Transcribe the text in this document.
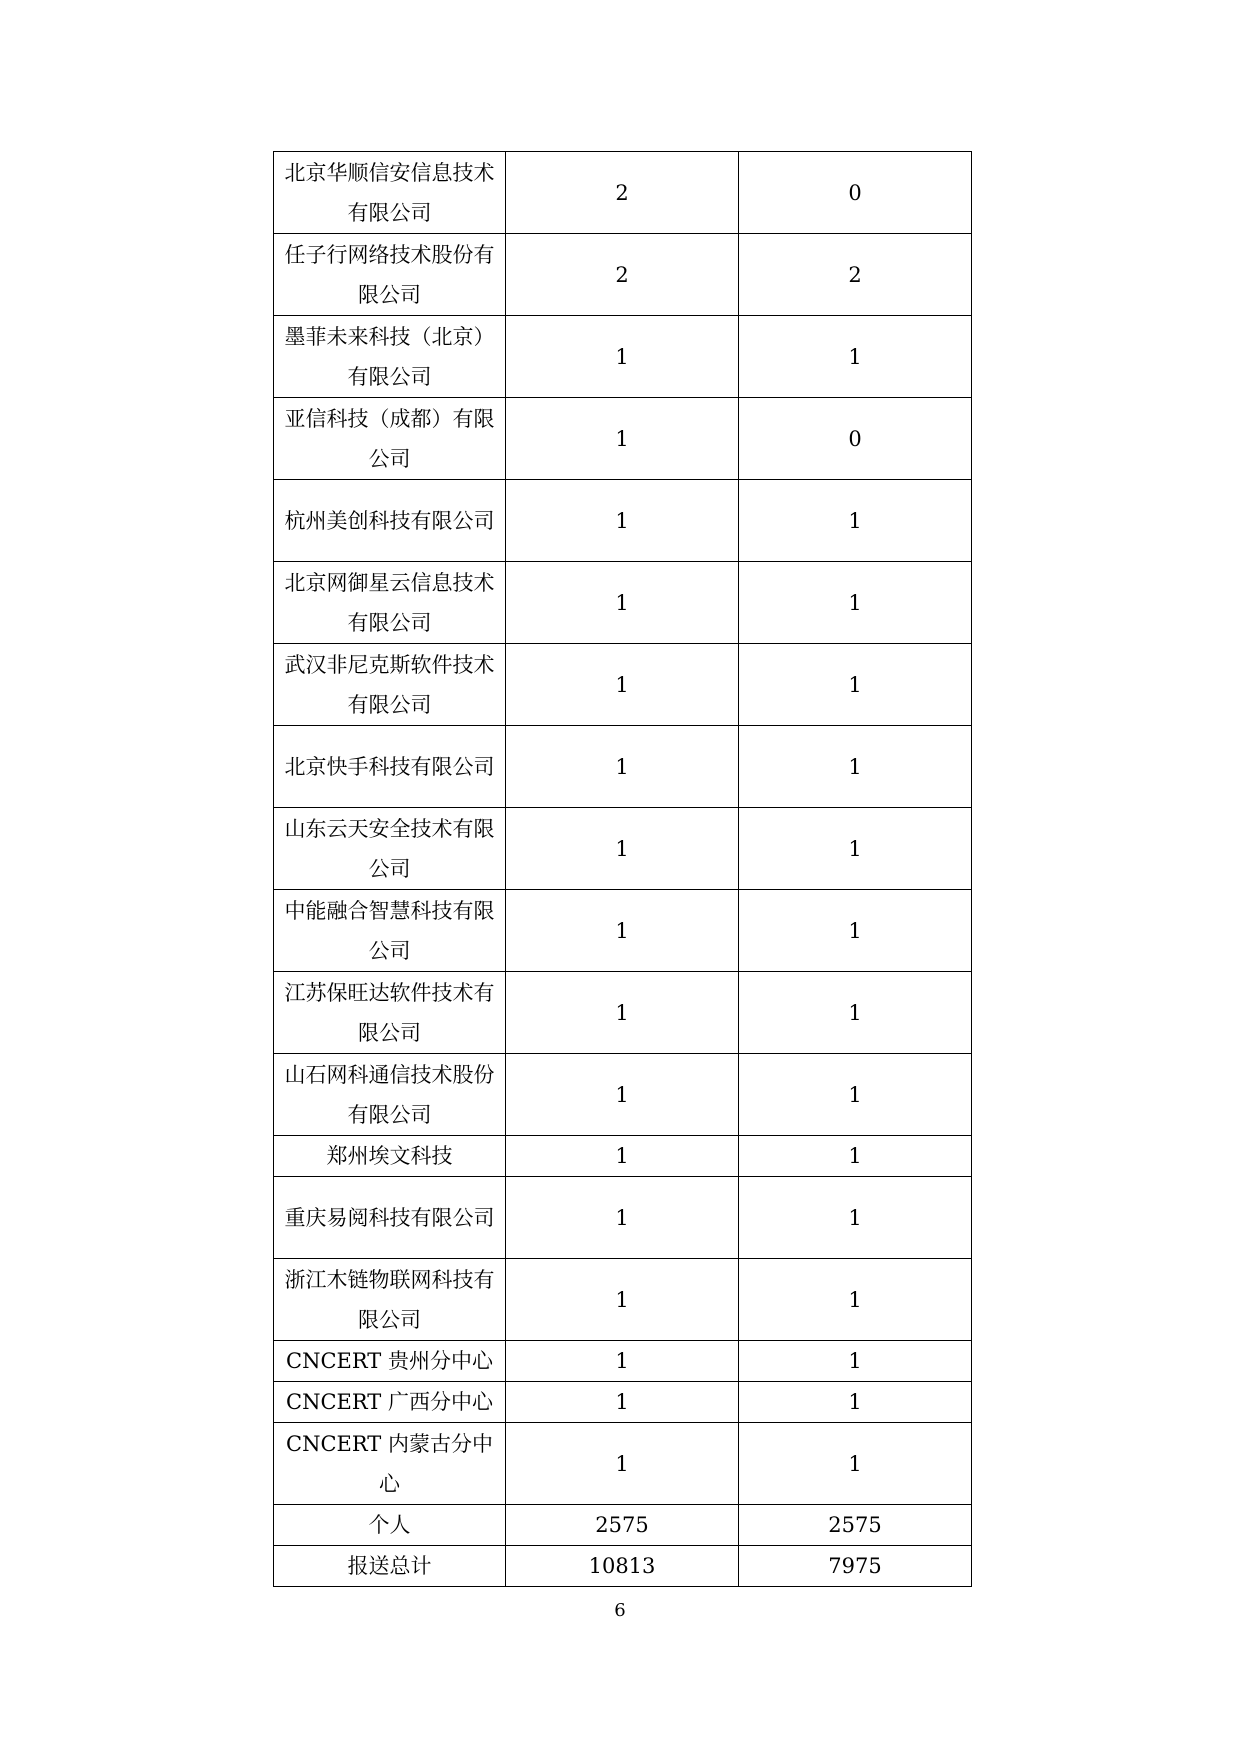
北京华顺信安信息技术有限公司	2	0
任子行网络技术股份有限公司	2	2
墨菲未来科技（北京）有限公司	1	1
亚信科技（成都）有限公司	1	0
杭州美创科技有限公司	1	1
北京网御星云信息技术有限公司	1	1
武汉非尼克斯软件技术有限公司	1	1
北京快手科技有限公司	1	1
山东云天安全技术有限公司	1	1
中能融合智慧科技有限公司	1	1
江苏保旺达软件技术有限公司	1	1
山石网科通信技术股份有限公司	1	1
郑州埃文科技	1	1
重庆易阅科技有限公司	1	1
浙江木链物联网科技有限公司	1	1
CNCERT 贵州分中心	1	1
CNCERT 广西分中心	1	1
CNCERT 内蒙古分中心	1	1
个人	2575	2575
报送总计	10813	7975
6
